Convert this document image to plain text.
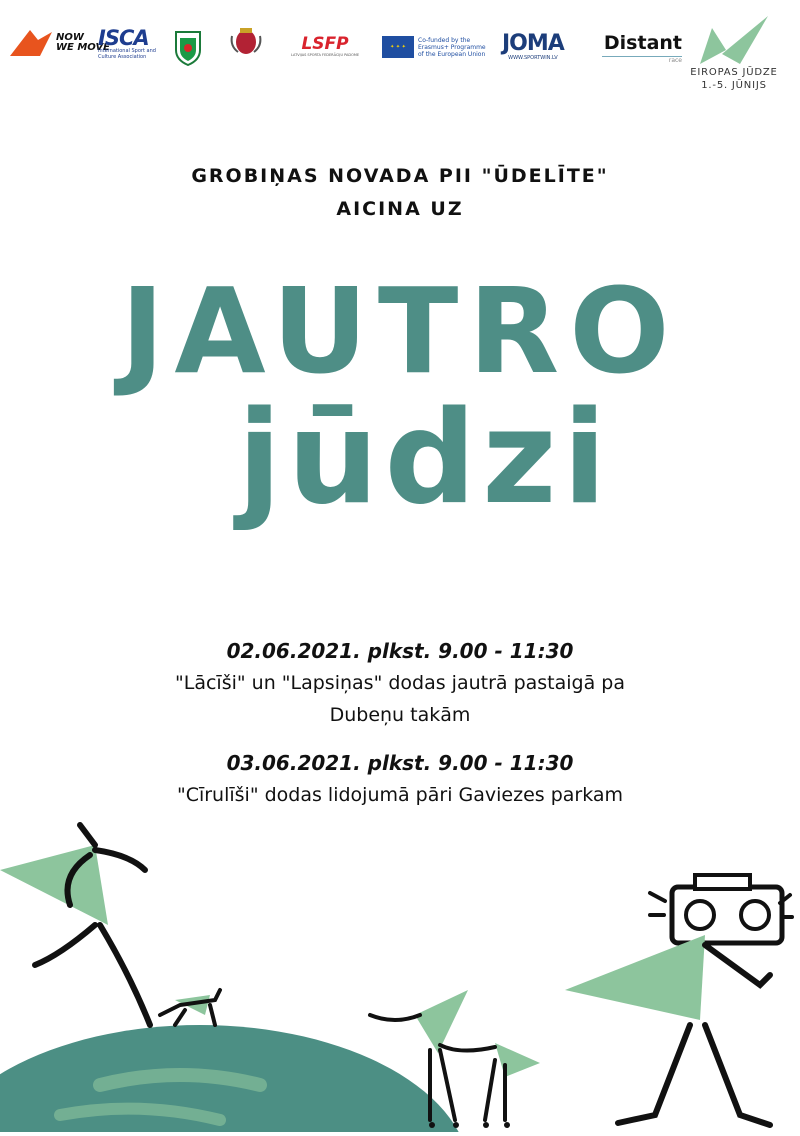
NOW
WE MOVE
ISCA
International Sport and Culture Association
LSFP
LATVIJAS SPORTA FEDERĀCIJU PADOME
✦ ✦ ✦
Co-funded by the Erasmus+ Programme of the European Union JOMA
WWW.SPORTWIN.LV
Distant
race
EIROPAS JŪDZE
1.-5. JŪNIJS
GROBIŅAS NOVADA PII "ŪDELĪTE"
AICINA UZ
JAUTRO
jūdzi
02.06.2021. plkst. 9.00 - 11:30
"Lācīši" un "Lapsiņas" dodas jautrā pastaigā pa
Dubeņu takām
03.06.2021. plkst. 9.00 - 11:30
"Cīrulīši" dodas lidojumā pāri Gaviezes parkam
